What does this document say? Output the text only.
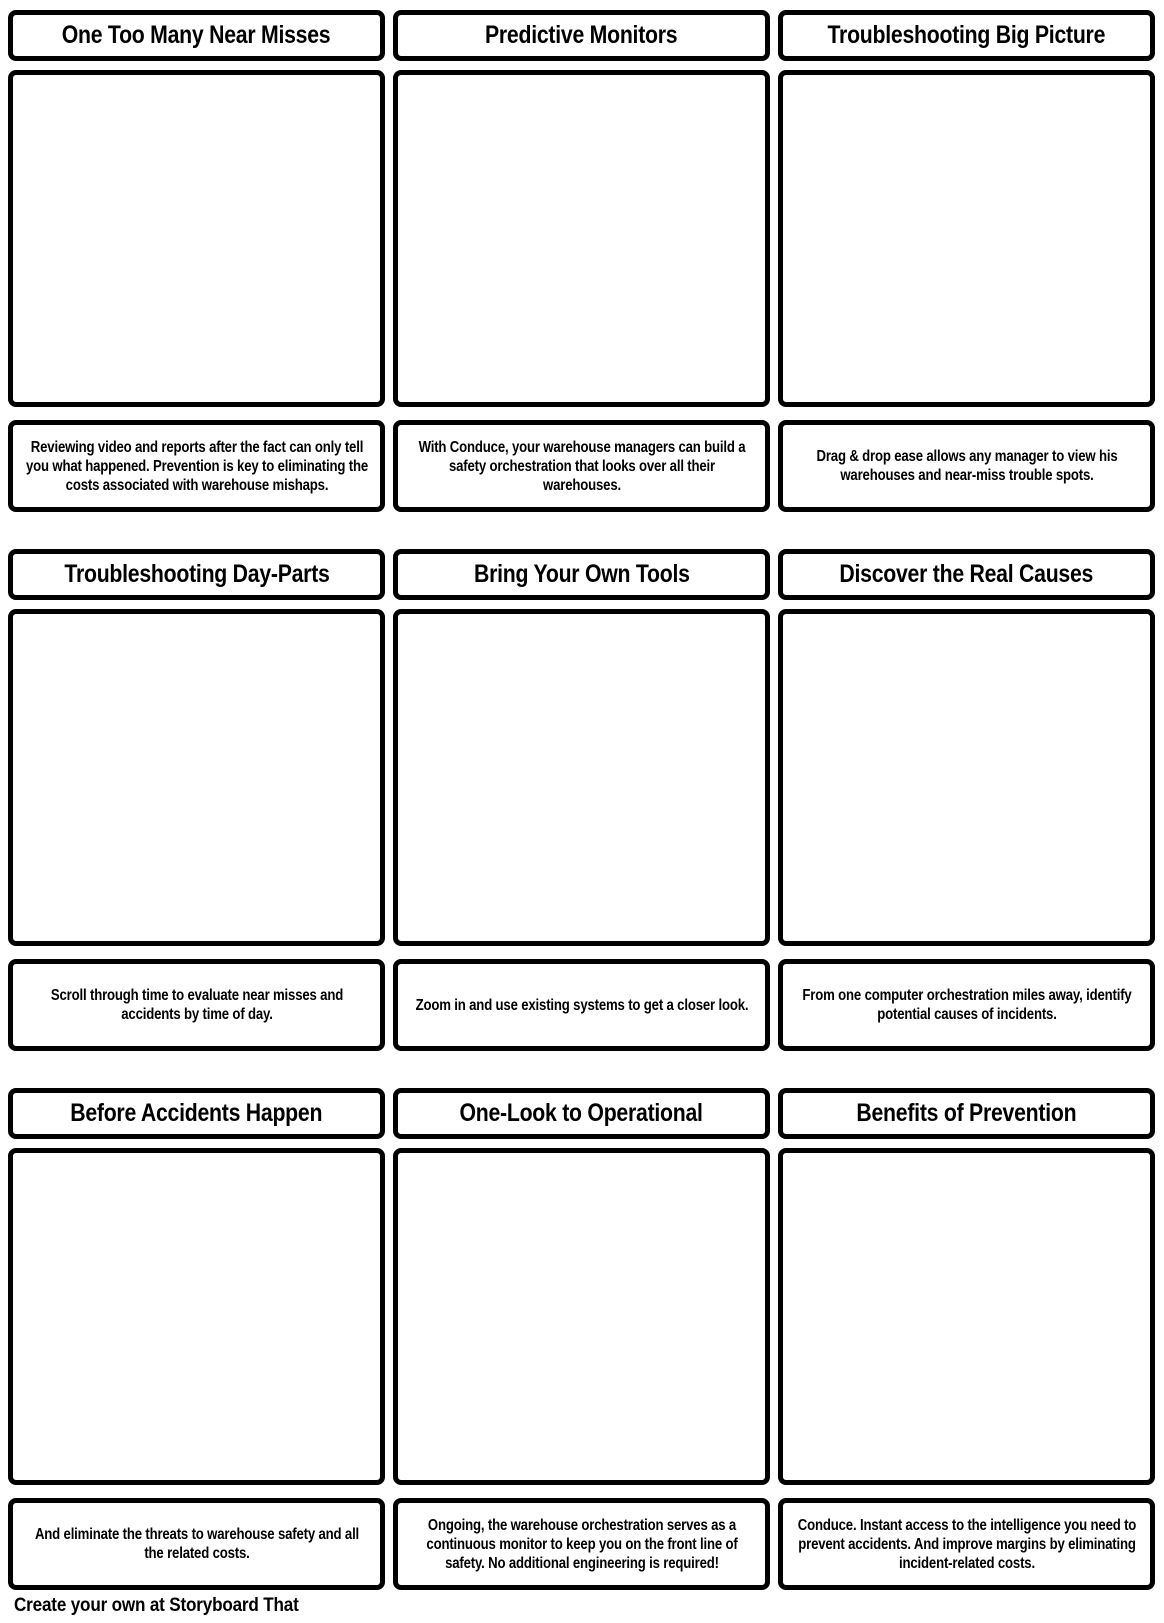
One Too Many Near Misses
Reviewing video and reports after the fact can only tell you what happened. Prevention is key to eliminating the costs associated with warehouse mishaps.
Predictive Monitors
With Conduce, your warehouse managers can build a safety orchestration that looks over all their warehouses.
Troubleshooting Big Picture
Drag & drop ease allows any manager to view his warehouses and near-miss trouble spots.
Troubleshooting Day-Parts
Scroll through time to evaluate near misses and accidents by time of day.
Bring Your Own Tools
Zoom in and use existing systems to get a closer look.
Discover the Real Causes
From one computer orchestration miles away, identify potential causes of incidents.
Before Accidents Happen
And eliminate the threats to warehouse safety and all the related costs.
One-Look to Operational
Ongoing, the warehouse orchestration serves as a continuous monitor to keep you on the front line of safety. No additional engineering is required!
Benefits of Prevention
Conduce. Instant access to the intelligence you need to prevent accidents. And improve margins by eliminating incident-related costs.
Create your own at Storyboard That
